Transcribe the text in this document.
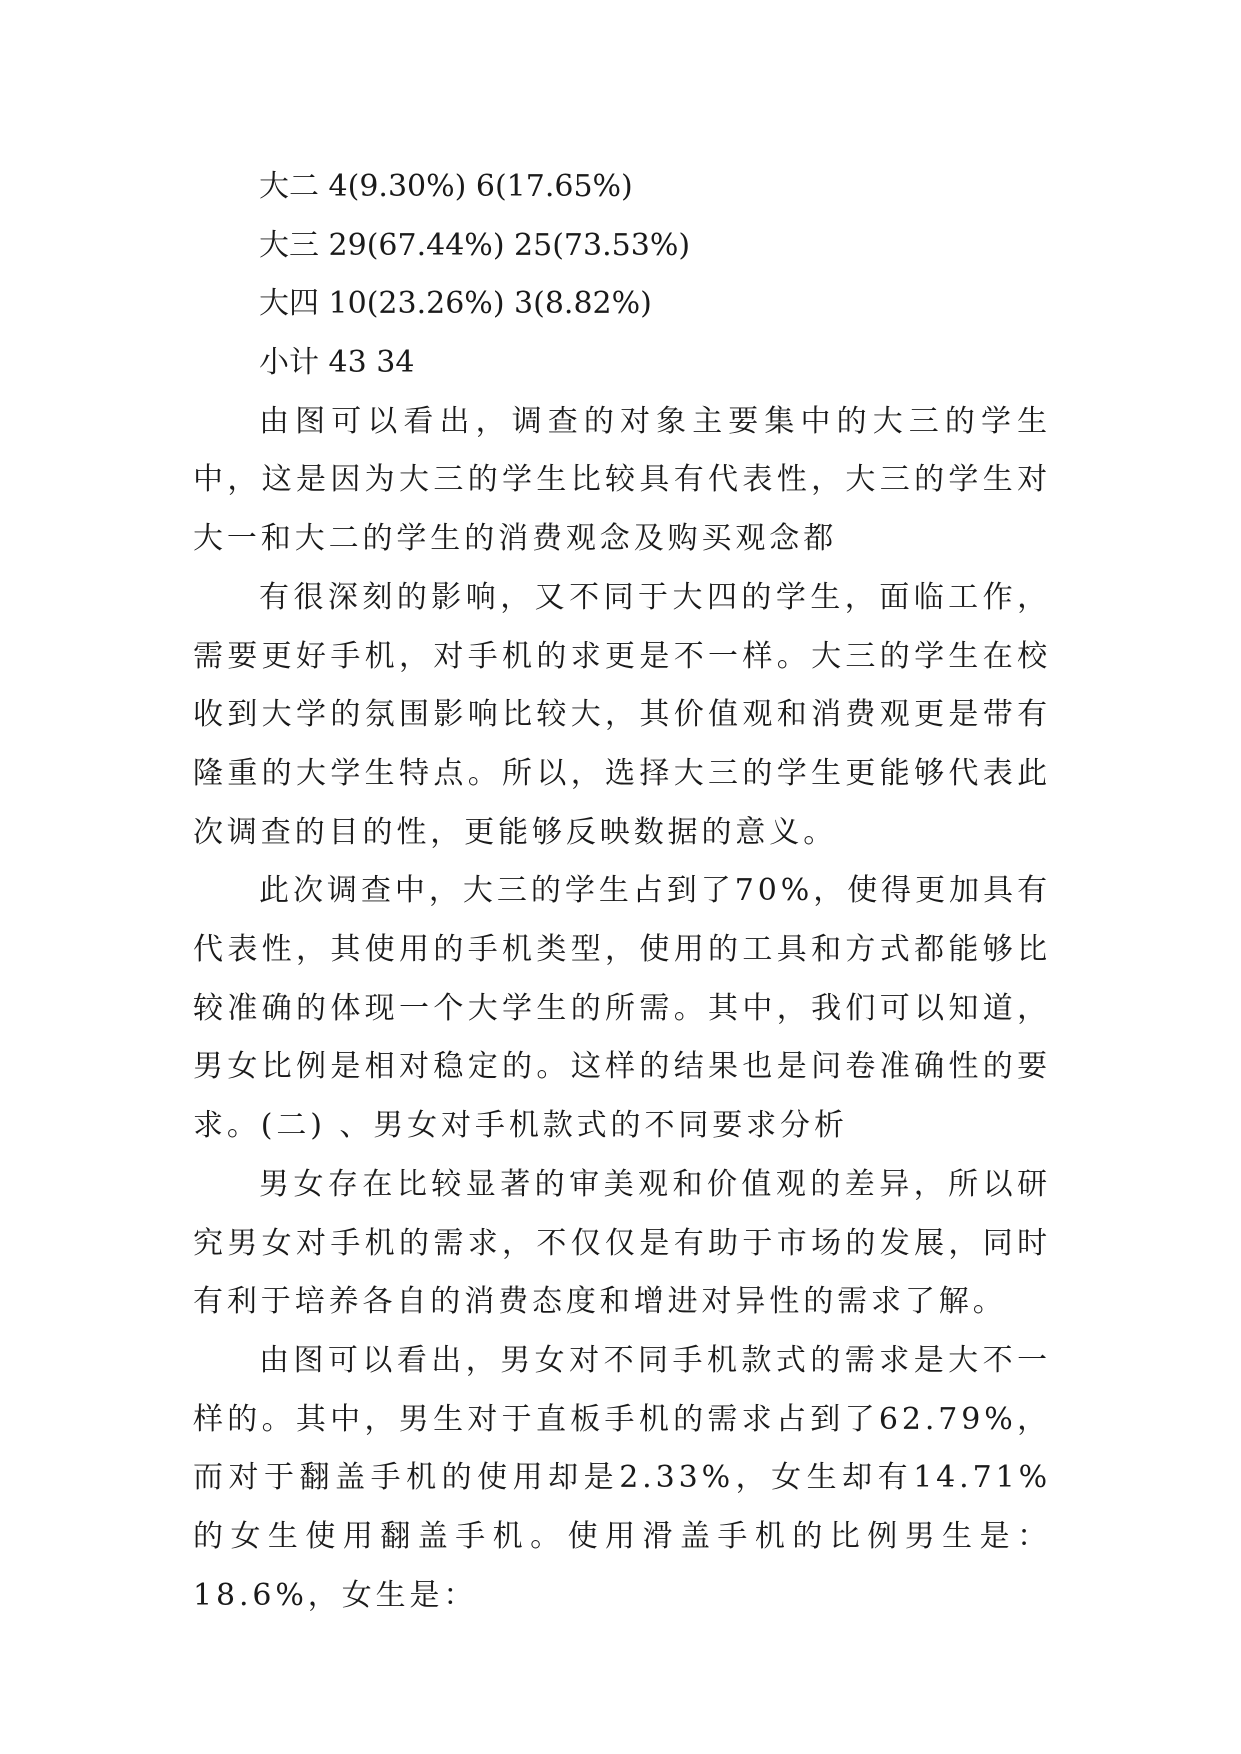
大二 4(9.30%) 6(17.65%)
大三 29(67.44%) 25(73.53%)
大四 10(23.26%) 3(8.82%)
小计 43 34

由图可以看出，调查的对象主要集中的大三的学生中，这是因为大三的学生比较具有代表性，大三的学生对大一和大二的学生的消费观念及购买观念都

有很深刻的影响，又不同于大四的学生，面临工作，需要更好手机，对手机的求更是不一样。大三的学生在校收到大学的氛围影响比较大，其价值观和消费观更是带有隆重的大学生特点。所以，选择大三的学生更能够代表此次调查的目的性，更能够反映数据的意义。

此次调查中，大三的学生占到了70%，使得更加具有代表性，其使用的手机类型，使用的工具和方式都能够比较准确的体现一个大学生的所需。其中，我们可以知道，男女比例是相对稳定的。这样的结果也是问卷准确性的要求。(二) 、男女对手机款式的不同要求分析

男女存在比较显著的审美观和价值观的差异，所以研究男女对手机的需求，不仅仅是有助于市场的发展，同时有利于培养各自的消费态度和增进对异性的需求了解。

由图可以看出，男女对不同手机款式的需求是大不一样的。其中，男生对于直板手机的需求占到了62.79%，而对于翻盖手机的使用却是2.33%，女生却有14.71%的女生使用翻盖手机。使用滑盖手机的比例男生是：18.6%，女生是：
